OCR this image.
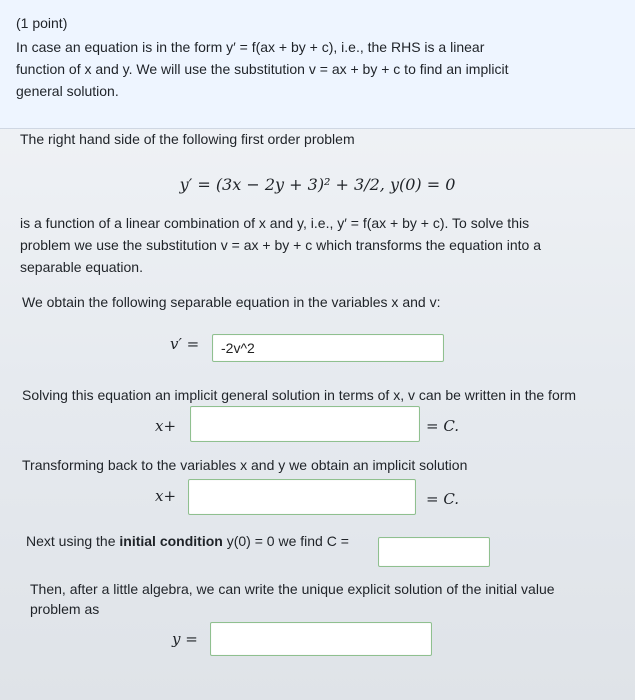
(1 point)
In case an equation is in the form y′ = f(ax + by + c), i.e., the RHS is a linear
function of x and y. We will use the substitution v = ax + by + c to find an implicit
general solution.
The right hand side of the following first order problem
y′ = (3x − 2y + 3)² + 3/2, y(0) = 0
is a function of a linear combination of x and y, i.e., y′ = f(ax + by + c). To solve this
problem we use the substitution v = ax + by + c which transforms the equation into a
separable equation.
We obtain the following separable equation in the variables x and v:
v′ =
-2v^2
Solving this equation an implicit general solution in terms of x, v can be written in the form
x+	= C.
Transforming back to the variables x and y we obtain an implicit solution
x+	= C.
Next using the initial condition y(0) = 0 we find C =
Then, after a little algebra, we can write the unique explicit solution of the initial value
problem as
y =
